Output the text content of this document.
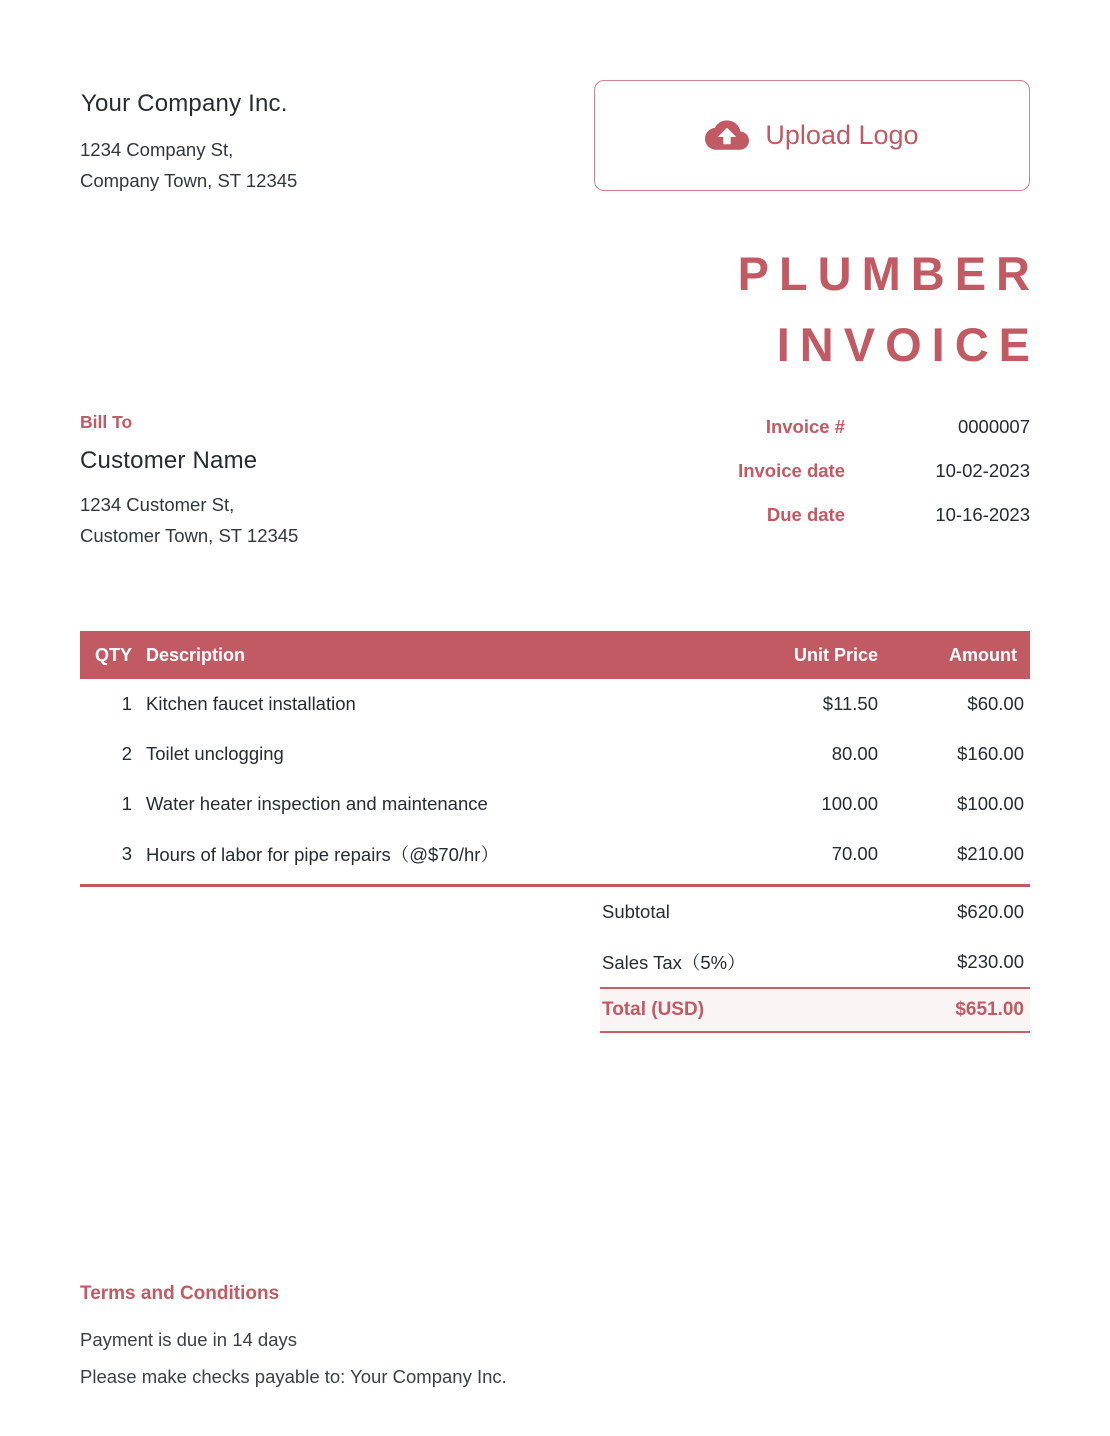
Your Company Inc.
1234 Company St,
Company Town, ST 12345
Upload Logo
PLUMBER
INVOICE
Bill To
Customer Name
1234 Customer St,
Customer Town, ST 12345
Invoice #	0000007
Invoice date	10-02-2023
Due date	10-16-2023
QTY Description	Unit Price	Amount
1 Kitchen faucet installation	$11.50	$60.00
2 Toilet unclogging	80.00	$160.00
1 Water heater inspection and maintenance	100.00	$100.00
3 Hours of labor for pipe repairs（@$70/hr）	70.00	$210.00
Subtotal	$620.00
Sales Tax（5%）	$230.00
Total (USD)	$651.00
Terms and Conditions
Payment is due in 14 days
Please make checks payable to: Your Company Inc.
